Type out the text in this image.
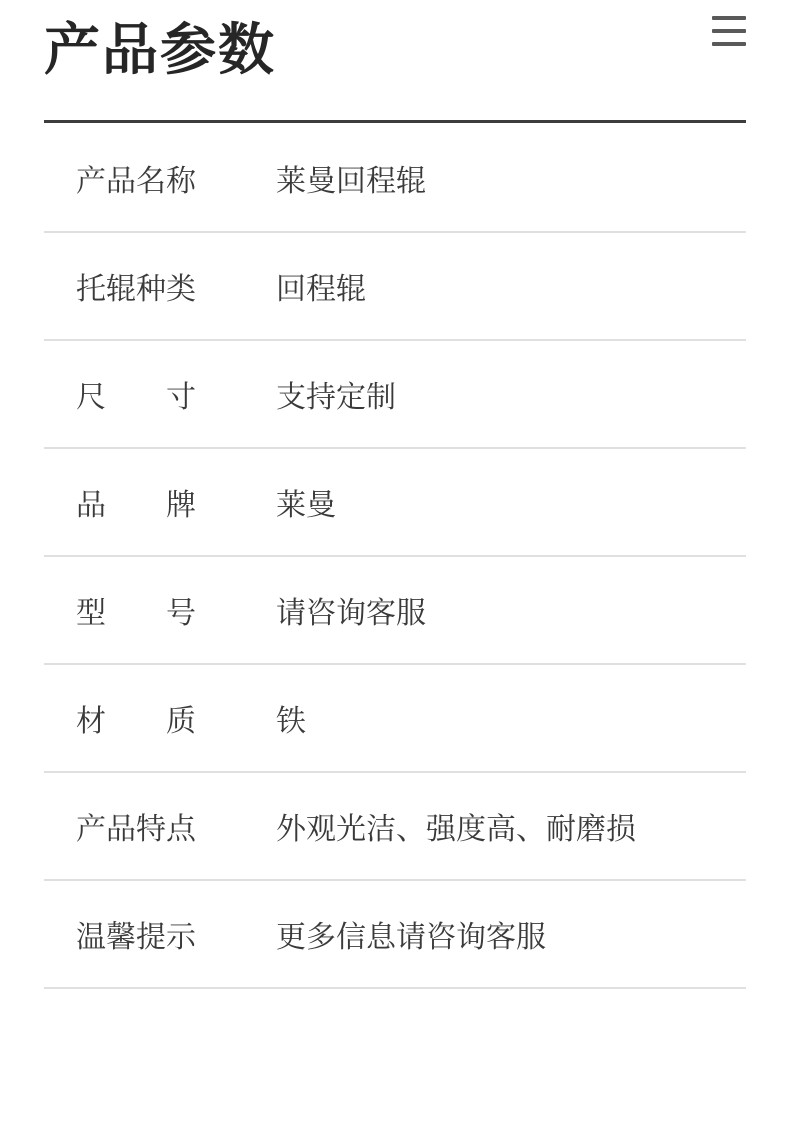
产品参数
产品名称	莱曼回程辊
托辊种类	回程辊
尺　　寸	支持定制
品　　牌	莱曼
型　　号	请咨询客服
材　　质	铁
产品特点	外观光洁、强度高、耐磨损
温馨提示	更多信息请咨询客服
